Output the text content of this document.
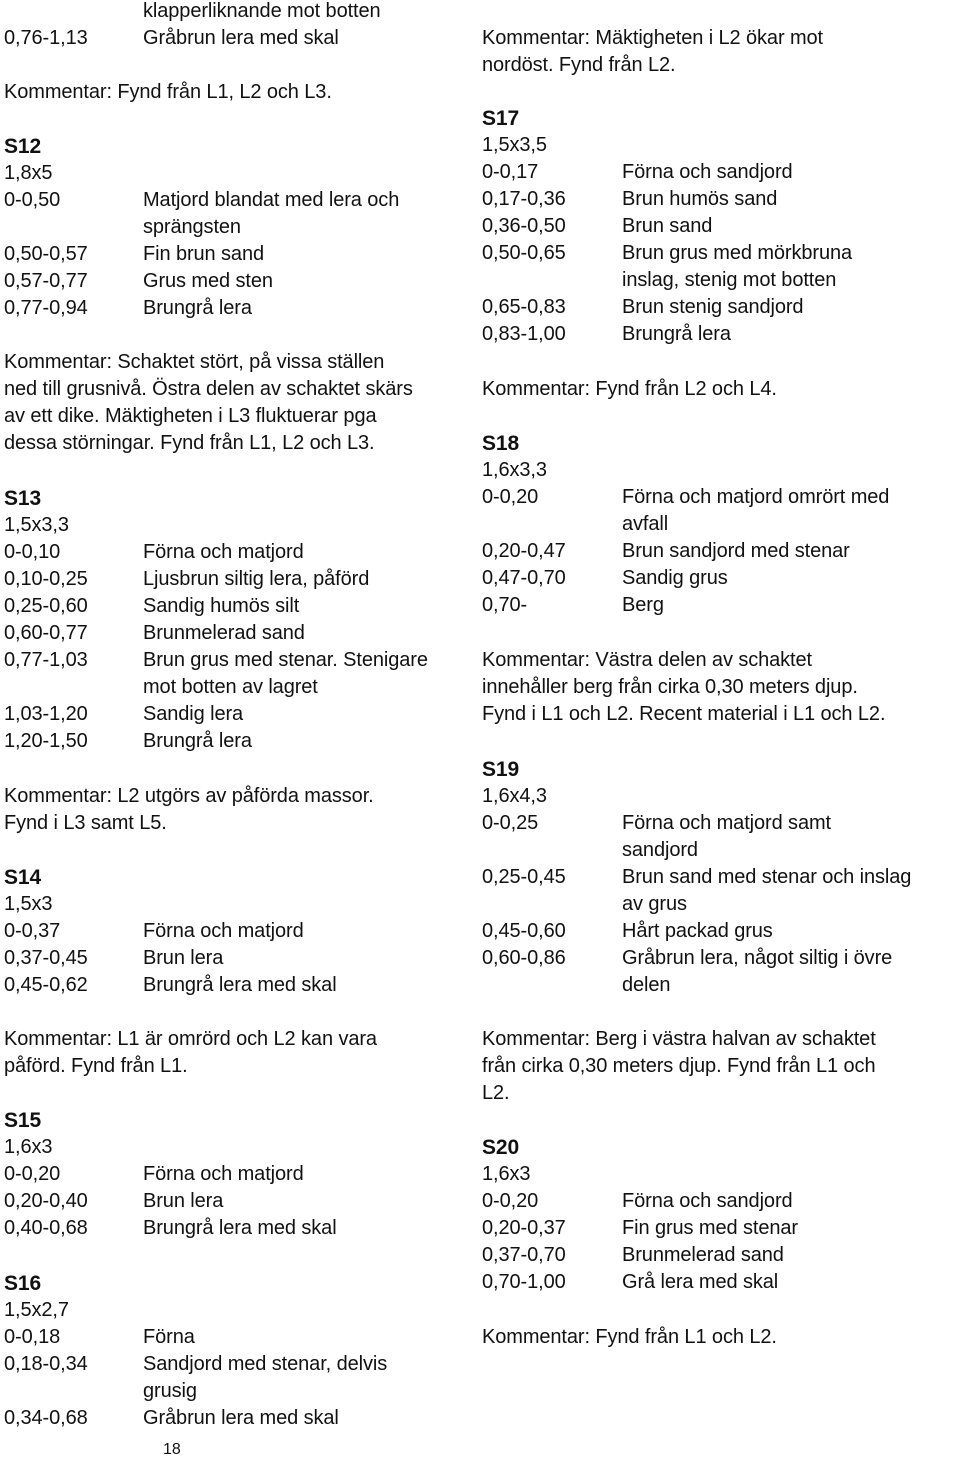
klapperliknande mot botten
0,76-1,13	Gråbrun lera med skal
Kommentar: Fynd från L1, L2 och L3.
S12
1,8x5
0-0,50	Matjord blandat med lera och
sprängsten
0,50-0,57	Fin brun sand
0,57-0,77	Grus med sten
0,77-0,94	Brungrå lera
Kommentar: Schaktet stört, på vissa ställen
ned till grusnivå. Östra delen av schaktet skärs
av ett dike. Mäktigheten i L3 fluktuerar pga
dessa störningar. Fynd från L1, L2 och L3.
S13
1,5x3,3
0-0,10	Förna och matjord
0,10-0,25	Ljusbrun siltig lera, påförd
0,25-0,60	Sandig humös silt
0,60-0,77	Brunmelerad sand
0,77-1,03	Brun grus med stenar. Stenigare
mot botten av lagret
1,03-1,20	Sandig lera
1,20-1,50	Brungrå lera
Kommentar: L2 utgörs av påförda massor.
Fynd i L3 samt L5.
S14
1,5x3
0-0,37	Förna och matjord
0,37-0,45	Brun lera
0,45-0,62	Brungrå lera med skal
Kommentar: L1 är omrörd och L2 kan vara
påförd. Fynd från L1.
S15
1,6x3
0-0,20	Förna och matjord
0,20-0,40	Brun lera
0,40-0,68	Brungrå lera med skal
S16
1,5x2,7
0-0,18	Förna
0,18-0,34	Sandjord med stenar, delvis
grusig
0,34-0,68	Gråbrun lera med skal
Kommentar: Mäktigheten i L2 ökar mot
nordöst. Fynd från L2.
S17
1,5x3,5
0-0,17	Förna och sandjord
0,17-0,36	Brun humös sand
0,36-0,50	Brun sand
0,50-0,65	Brun grus med mörkbruna
inslag, stenig mot botten
0,65-0,83	Brun stenig sandjord
0,83-1,00	Brungrå lera
Kommentar: Fynd från L2 och L4.
S18
1,6x3,3
0-0,20	Förna och matjord omrört med
avfall
0,20-0,47	Brun sandjord med stenar
0,47-0,70	Sandig grus
0,70-	Berg
Kommentar: Västra delen av schaktet
innehåller berg från cirka 0,30 meters djup.
Fynd i L1 och L2. Recent material i L1 och L2.
S19
1,6x4,3
0-0,25	Förna och matjord samt
sandjord
0,25-0,45	Brun sand med stenar och inslag
av grus
0,45-0,60	Hårt packad grus
0,60-0,86	Gråbrun lera, något siltig i övre
delen
Kommentar: Berg i västra halvan av schaktet
från cirka 0,30 meters djup. Fynd från L1 och
L2.
S20
1,6x3
0-0,20	Förna och sandjord
0,20-0,37	Fin grus med stenar
0,37-0,70	Brunmelerad sand
0,70-1,00	Grå lera med skal
Kommentar: Fynd från L1 och L2.
18
